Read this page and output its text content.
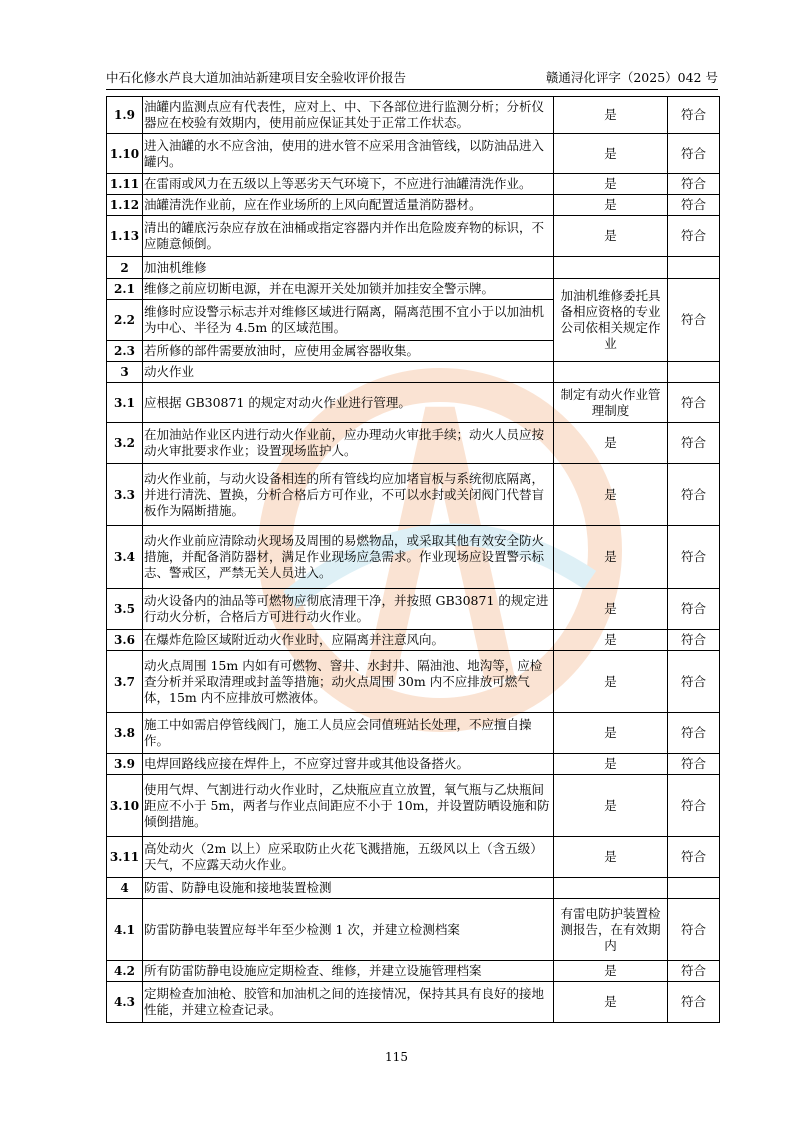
中石化修水芦良大道加油站新建项目安全验收评价报告	赣通浔化评字（2025）042 号
1.9	油罐内监测点应有代表性，应对上、中、下各部位进行监测分析；分析仪器应在校验有效期内，使用前应保证其处于正常工作状态。	是	符合
1.10	进入油罐的水不应含油，使用的进水管不应采用含油管线，以防油品进入罐内。	是	符合
1.11	在雷雨或风力在五级以上等恶劣天气环境下，不应进行油罐清洗作业。	是	符合
1.12	油罐清洗作业前，应在作业场所的上风向配置适量消防器材。	是	符合
1.13	清出的罐底污杂应存放在油桶或指定容器内并作出危险废弃物的标识，不应随意倾倒。	是	符合
2	加油机维修		
2.1	维修之前应切断电源，并在电源开关处加锁并加挂安全警示牌。	加油机维修委托具备相应资格的专业公司依相关规定作业	符合
2.2	维修时应设警示标志并对维修区域进行隔离，隔离范围不宜小于以加油机为中心、半径为 4.5m 的区域范围。		
2.3	若所修的部件需要放油时，应使用金属容器收集。		
3	动火作业		
3.1	应根据 GB30871 的规定对动火作业进行管理。	制定有动火作业管理制度	符合
3.2	在加油站作业区内进行动火作业前，应办理动火审批手续；动火人员应按动火审批要求作业；设置现场监护人。	是	符合
3.3	动火作业前，与动火设备相连的所有管线均应加堵盲板与系统彻底隔离，并进行清洗、置换，分析合格后方可作业，不可以水封或关闭阀门代替盲板作为隔断措施。	是	符合
3.4	动火作业前应清除动火现场及周围的易燃物品，或采取其他有效安全防火措施，并配备消防器材，满足作业现场应急需求。作业现场应设置警示标志、警戒区，严禁无关人员进入。	是	符合
3.5	动火设备内的油品等可燃物应彻底清理干净，并按照 GB30871 的规定进行动火分析，合格后方可进行动火作业。	是	符合
3.6	在爆炸危险区域附近动火作业时，应隔离并注意风向。	是	符合
3.7	动火点周围 15m 内如有可燃物、窨井、水封井、隔油池、地沟等，应检查分析并采取清理或封盖等措施；动火点周围 30m 内不应排放可燃气体，15m 内不应排放可燃液体。	是	符合
3.8	施工中如需启停管线阀门，施工人员应会同值班站长处理，不应擅自操作。	是	符合
3.9	电焊回路线应接在焊件上，不应穿过窨井或其他设备搭火。	是	符合
3.10	使用气焊、气割进行动火作业时，乙炔瓶应直立放置，氧气瓶与乙炔瓶间距应不小于 5m，两者与作业点间距应不小于 10m，并设置防晒设施和防倾倒措施。	是	符合
3.11	高处动火（2m 以上）应采取防止火花飞溅措施，五级风以上（含五级）天气，不应露天动火作业。	是	符合
4	防雷、防静电设施和接地装置检测		
4.1	防雷防静电装置应每半年至少检测 1 次，并建立检测档案	有雷电防护装置检测报告，在有效期内	符合
4.2	所有防雷防静电设施应定期检查、维修，并建立设施管理档案	是	符合
4.3	定期检查加油枪、胶管和加油机之间的连接情况，保持其具有良好的接地性能，并建立检查记录。	是	符合
115
